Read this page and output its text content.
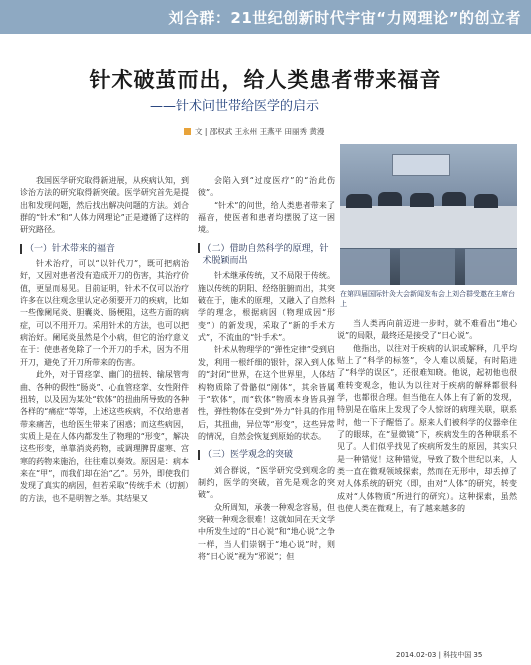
刘合群：21世纪创新时代宇宙“力网理论”的创立者
针术破茧而出，给人类患者带来福音
——针术问世带给医学的启示
文 | 邵权武 王永州 王燕平 田丽秀 黄漫

我国医学研究取得新进展，从疾病认知，到诊治方法的研究取得新突破。医学研究首先是提出和发现问题，然后找出解决问题的方法。刘合群的“针术”和“人体力网理论”正是遵循了这样的研究路径。

（一）针术带来的福音

针术治疗，可以“以针代刀”，既可把病治好，又因对患者没有造成开刀的伤害，其治疗价值，更显而易见。目前证明，针术不仅可以治疗许多在以往观念里认定必须要开刀的疾病，比如一些像阑尾炎、胆囊炎、肠梗阻，这些方面的病症，可以不用开刀。采用针术的方法，也可以把病治好。阑尾炎虽然是个小病，但它的治疗意义在于：使患者免除了一个开刀的手术，因为不用开刀，避免了开刀所带来的伤害。

此外，对于胃痉挛、幽门的扭转、输尿管弯曲、各种的假性“肠炎”、心血管痉挛、女性附件扭转，以及因为某处“软体”的扭曲所导致的各种各样的“痛症”等等，上述这些疾病，不仅给患者带来痛苦，也给医生带来了困惑；而这些病因，实质上是在人体内都发生了物理的“形变”，解决这些形变，单靠消炎药物，或调理脾胃虚寒、宫寒的药物来施治，往往难以奏效。原因是：病本来在“甲”，而我们却在治“乙”。另外，即使我们发现了真实的病因，但若采取“传统手术（切割）的方法，也不是明智之举。其结果又

会陷入到“过度医疗”的“治此伤彼”。

“针术”的问世，给人类患者带来了福音，使医者和患者均摆脱了这一困境。

（二）借助自然科学的原理，针术脱颖而出

针术继承传统，又不局限于传统。施以传统的阴阳、经络脏腑而出，其突破在于，施术的原理，又融入了自然科学的理念，根据病因（物理成因“形变”）的新发现，采取了“新的手术方式”，不流血的“针手术”。

针术从物理学的“弹性定律”受到启发，利用一根纤细的银针，深入到人体的“封闭”世界，在这个世界里，人体结构物质除了骨骼似“刚体”，其余皆属于“软体”，而“软体”物质本身皆具弹性，弹性物体在受到“外力”针具的作用后，其扭曲，异位等“形变”，这些异常的情况，自然会恢复到原始的状态。

（三）医学观念的突破

刘合群说，“医学研究受到观念的制约，医学的突破，首先是观念的突破”。

众所周知，承袭一种观念容易，但突破一种观念很难！这就如同在天文学中所发生过的“日心说”和“地心说”之争一样，当人们崇钢于“地心说”时，则将“日心说”视为“邪说”；但

在第四届国际针灸大会新闻发布会上刘合群受邀在主席台上

当人类再向前迈进一步时，就不难看出“地心说”的局限，最终还是接受了“日心说”。

他指出，以往对于疾病的认识或解释，几乎均贴上了“科学的标签”，令人难以质疑，有时陷进了“科学的误区”，还很难知晓。他说，起初他也很难转变观念，他认为以往对于疾病的解释都很科学，也都很合理。但当他在人体上有了新的发现，特别是在临床上发现了令人惊讶的病理关联，联系时，他一下子醒悟了。原来人们被科学的仪器牵住了的眼球，在“显微镜”下，疾病发生的各种联系不见了。人们似乎找见了疾病所发生的原因，其实只是一种错觉！这种错觉，导致了数个世纪以来，人类一直在微观领域探索，然而在无形中，却丢掉了对人体系统的研究（即，由对“人体”的研究，转变成对“人体物质”所进行的研究）。这种探索，虽然也使人类在微观上，有了越来越多的

2014.02-03 | 科技中国 35
